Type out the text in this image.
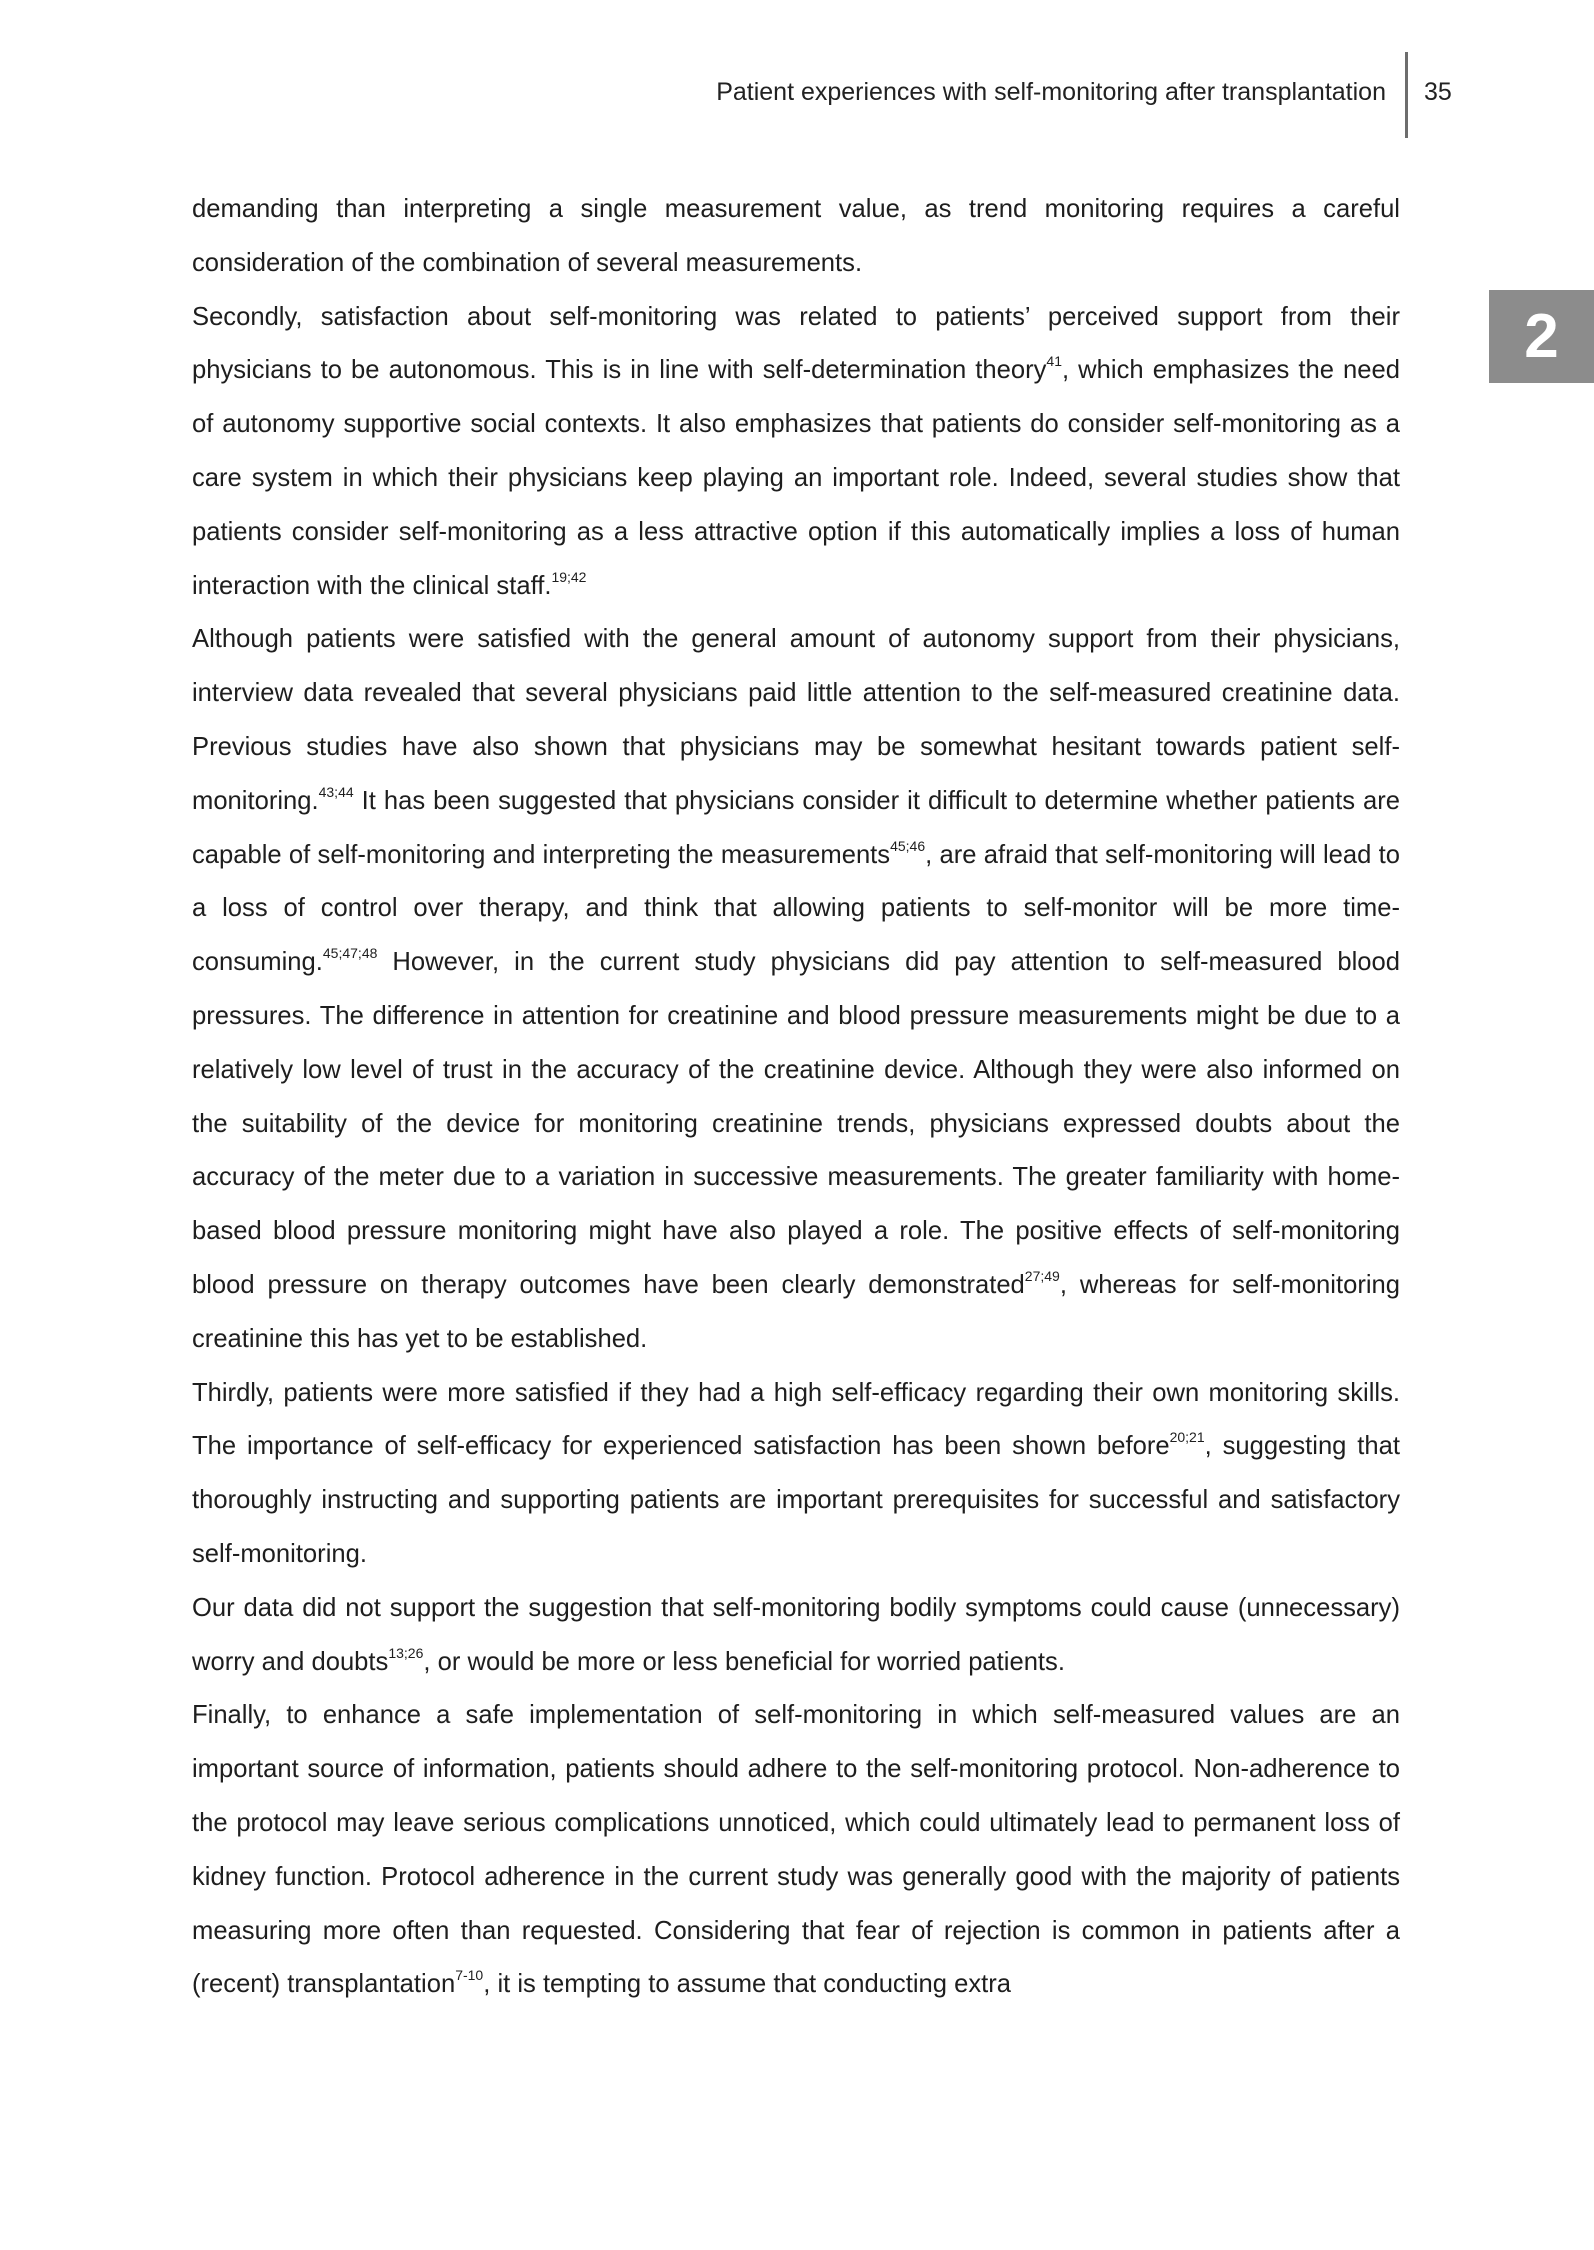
Patient experiences with self-monitoring after transplantation 35
2

demanding than interpreting a single measurement value, as trend monitoring requires a careful consideration of the combination of several measurements.

Secondly, satisfaction about self-monitoring was related to patients’ perceived support from their physicians to be autonomous. This is in line with self-determination theory$^{41}$, which emphasizes the need of autonomy supportive social contexts. It also emphasizes that patients do consider self-monitoring as a care system in which their physicians keep playing an important role. Indeed, several studies show that patients consider self-monitoring as a less attractive option if this automatically implies a loss of human interaction with the clinical staff.$^{19;42}$

Although patients were satisfied with the general amount of autonomy support from their physicians, interview data revealed that several physicians paid little attention to the self-measured creatinine data. Previous studies have also shown that physicians may be somewhat hesitant towards patient self-monitoring.$^{43;44}$ It has been suggested that physicians consider it difficult to determine whether patients are capable of self-monitoring and interpreting the measurements$^{45;46}$, are afraid that self-monitoring will lead to a loss of control over therapy, and think that allowing patients to self-monitor will be more time-consuming.$^{45;47;48}$ However, in the current study physicians did pay attention to self-measured blood pressures. The difference in attention for creatinine and blood pressure measurements might be due to a relatively low level of trust in the accuracy of the creatinine device. Although they were also informed on the suitability of the device for monitoring creatinine trends, physicians expressed doubts about the accuracy of the meter due to a variation in successive measurements. The greater familiarity with home-based blood pressure monitoring might have also played a role. The positive effects of self-monitoring blood pressure on therapy outcomes have been clearly demonstrated$^{27;49}$, whereas for self-monitoring creatinine this has yet to be established.

Thirdly, patients were more satisfied if they had a high self-efficacy regarding their own monitoring skills. The importance of self-efficacy for experienced satisfaction has been shown before$^{20;21}$, suggesting that thoroughly instructing and supporting patients are important prerequisites for successful and satisfactory self-monitoring.

Our data did not support the suggestion that self-monitoring bodily symptoms could cause (unnecessary) worry and doubts$^{13;26}$, or would be more or less beneficial for worried patients.

Finally, to enhance a safe implementation of self-monitoring in which self-measured values are an important source of information, patients should adhere to the self-monitoring protocol. Non-adherence to the protocol may leave serious complications unnoticed, which could ultimately lead to permanent loss of kidney function. Protocol adherence in the current study was generally good with the majority of patients measuring more often than requested. Considering that fear of rejection is common in patients after a (recent) transplantation$^{7-10}$, it is tempting to assume that conducting extra
